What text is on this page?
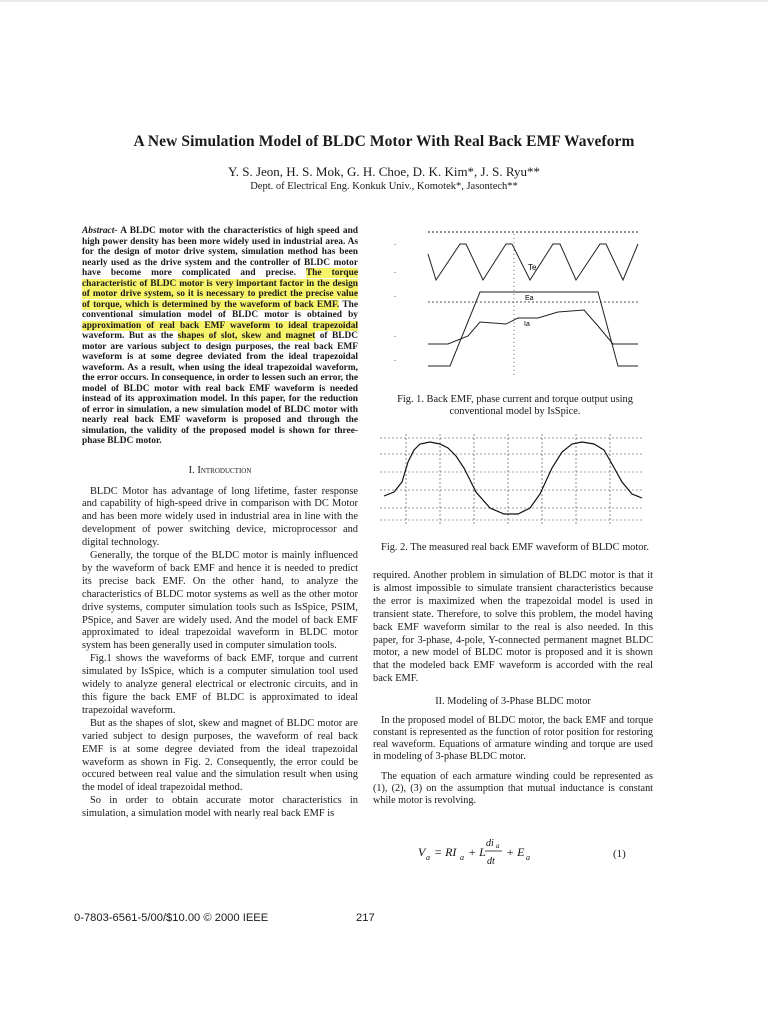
A New Simulation Model of BLDC Motor With Real Back EMF Waveform
Y. S. Jeon, H. S. Mok, G. H. Choe, D. K. Kim*, J. S. Ryu**
Dept. of Electrical Eng. Konkuk Univ., Komotek*, Jasontech**
Abstract- A BLDC motor with the characteristics of high speed and high power density has been more widely used in industrial area. As for the design of motor drive system, simulation method has been nearly used as the drive system and the controller of BLDC motor have become more complicated and precise. The torque characteristic of BLDC motor is very important factor in the design of motor drive system, so it is necessary to predict the precise value of torque, which is determined by the waveform of back EMF. The conventional simulation model of BLDC motor is obtained by approximation of real back EMF waveform to ideal trapezoidal waveform. But as the shapes of slot, skew and magnet of BLDC motor are various subject to design purposes, the real back EMF waveform is at some degree deviated from the ideal trapezoidal waveform. As a result, when using the ideal trapezoidal waveform, the error occurs. In consequence, in order to lessen such an error, the model of BLDC motor with real back EMF waveform is needed instead of its approximation model. In this paper, for the reduction of error in simulation, a new simulation model of BLDC motor with nearly real back EMF waveform is proposed and through the simulation, the validity of the proposed model is shown for three-phase BLDC motor.
I. Introduction

BLDC Motor has advantage of long lifetime, faster response and capability of high-speed drive in comparison with DC Motor and has been more widely used in industrial area in line with the development of power switching device, microprocessor and digital technology.

Generally, the torque of the BLDC motor is mainly influenced by the waveform of back EMF and hence it is needed to predict its precise back EMF. On the other hand, to analyze the characteristics of BLDC motor systems as well as the other motor drive systems, computer simulation tools such as IsSpice, PSIM, PSpice, and Saver are widely used. And the model of back EMF approximated to ideal trapezoidal waveform in BLDC motor system has been generally used in computer simulation tools.

Fig.1 shows the waveforms of back EMF, torque and current simulated by IsSpice, which is a computer simulation tool used widely to analyze general electrical or electronic circuits, and in this figure the back EMF of BLDC is approximated to ideal trapezoidal waveform.

But as the shapes of slot, skew and magnet of BLDC motor are varied subject to design purposes, the waveform of real back EMF is at some degree deviated from the ideal trapezoidal waveform as shown in Fig. 2. Consequently, the error could be occured between real value and the simulation result when using the model of ideal trapezoidal method.

So in order to obtain accurate motor characteristics in simulation, a simulation model with nearly real back EMF is

-
-
-
-
-
Te
Ea
Ia
Fig. 1. Back EMF, phase current and torque output using conventional model by IsSpice.
Fig. 2. The measured real back EMF waveform of BLDC motor.

required. Another problem in simulation of BLDC motor is that it is almost impossible to simulate transient characteristics because the error is maximized when the trapezoidal model is used in transient state. Therefore, to solve this problem, the model having back EMF waveform similar to the real is also needed. In this paper, for 3-phase, 4-pole, Y-connected permanent magnet BLDC motor, a new model of BLDC motor is proposed and it is shown that the modeled back EMF waveform is accorded with the real back EMF.

II. Modeling of 3-Phase BLDC motor

In the proposed model of BLDC motor, the back EMF and torque constant is represented as the function of rotor position for restoring real waveform. Equations of armature winding and torque are used in modeling of 3-phase BLDC motor.

The equation of each armature winding could be represented as (1), (2), (3) on the assumption that mutual inductance is constant while motor is revolving.

V a = RI a + L
di a
dt
+ E a	(1)
0-7803-6561-5/00/$10.00 © 2000 IEEE	217
